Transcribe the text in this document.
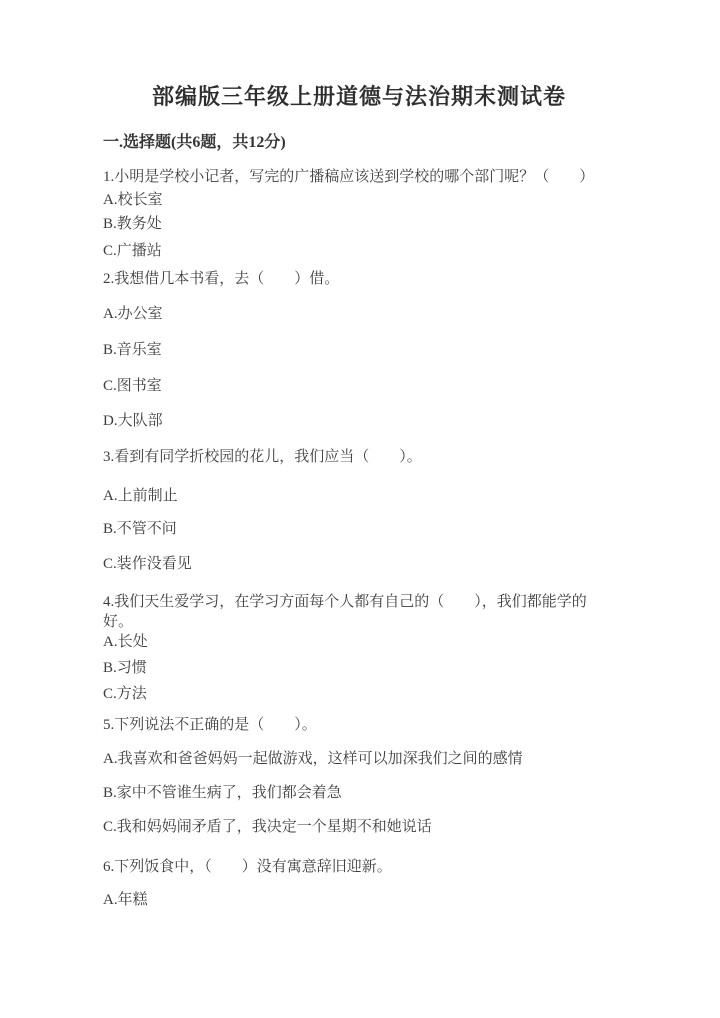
部编版三年级上册道德与法治期末测试卷
一.选择题(共6题，共12分)

1.小明是学校小记者，写完的广播稿应该送到学校的哪个部门呢？（　　）

A.校长室

B.教务处

C.广播站

2.我想借几本书看，去（　　）借。

A.办公室

B.音乐室

C.图书室

D.大队部

3.看到有同学折校园的花儿，我们应当（　　）。

A.上前制止

B.不管不问

C.装作没看见

4.我们天生爱学习，在学习方面每个人都有自己的（　　），我们都能学的好。

A.长处

B.习惯

C.方法

5.下列说法不正确的是（　　）。

A.我喜欢和爸爸妈妈一起做游戏，这样可以加深我们之间的感情

B.家中不管谁生病了，我们都会着急

C.我和妈妈闹矛盾了，我决定一个星期不和她说话

6.下列饭食中，（　　）没有寓意辞旧迎新。

A.年糕
